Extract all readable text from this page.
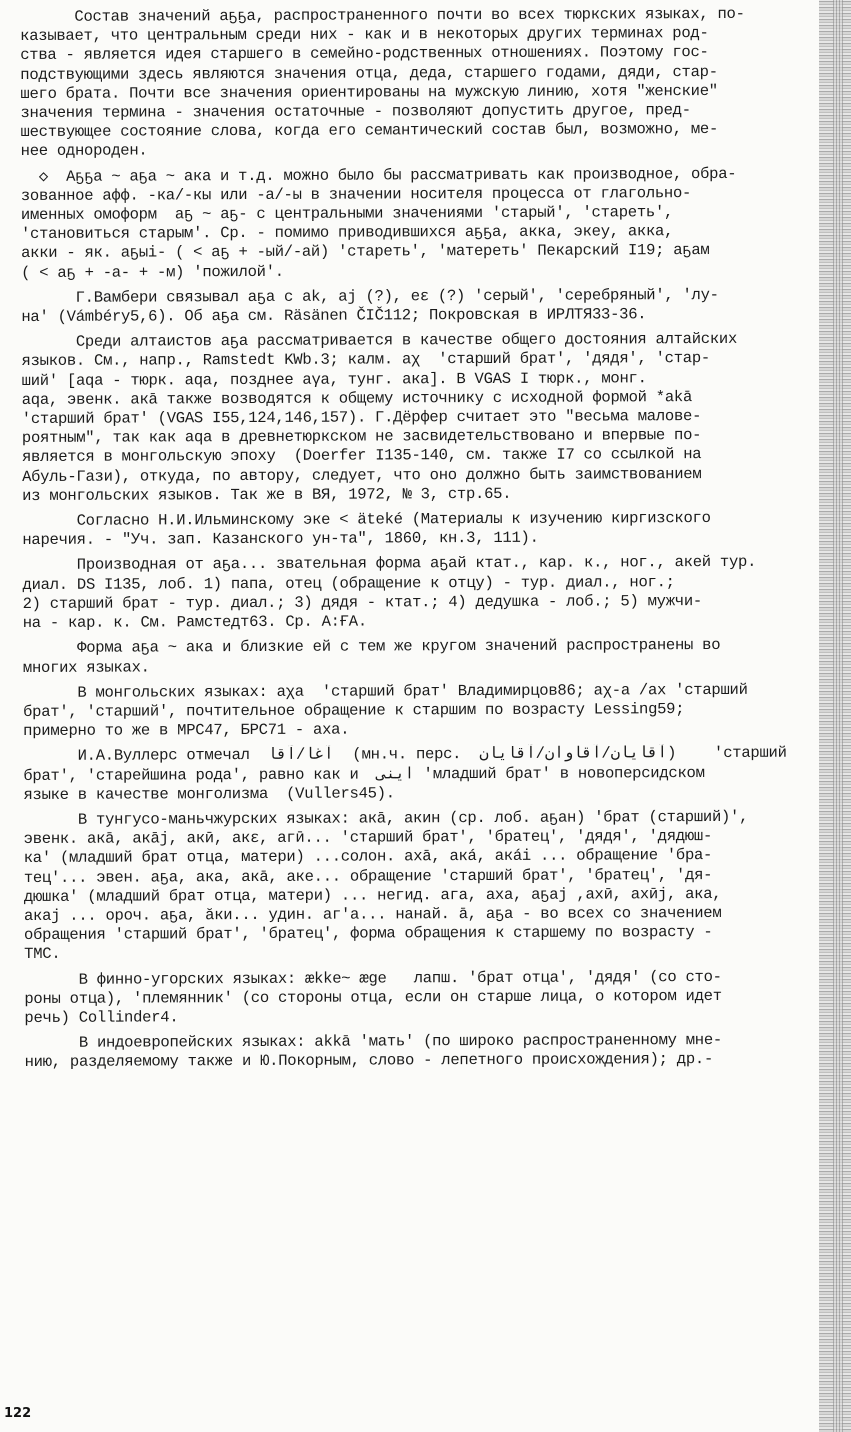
Состав значений аҕҕа, распространенного почти во всех тюркских языках, по-
казывает, что центральным среди них - как и в некоторых других терминах род-
ства - является идея старшего в семейно-родственных отношениях. Поэтому гос-
подствующими здесь являются значения отца, деда, старшего годами, дяди, стар-
шего брата. Почти все значения ориентированы на мужскую линию, хотя "женские"
значения термина - значения остаточные - позволяют допустить другое, пред-
шествующее состояние слова, когда его семантический состав был, возможно, ме-
нее однороден.
◇  Аҕҕа ~ аҕа ~ ака и т.д. можно было бы рассматривать как производное, обра-
зованное афф. -ка/-кы или -а/-ы в значении носителя процесса от глагольно-
именных омоформ  аҕ ~ аҕ- с центральными значениями 'старый', 'стареть',
'становиться старым'. Ср. - помимо приводившихся аҕҕа, акка, экеу, акка,
акки - як. аҕыі- ( < аҕ + -ый/-ай) 'стареть', 'матереть' Пекарский I19; аҕам
( < аҕ + -а- + -м) 'пожилой'.
Г.Вамбери связывал аҕа с ak, aj (?), eɛ (?) 'серый', 'серебряный', 'лу-
на' (Vámbéry5,6). Об аҕа см. Räsänen ČIČ112; Покровская в ИРЛТЯ33-36.
Среди алтаистов аҕа рассматривается в качестве общего достояния алтайских
языков. См., напр., Ramstedt KWb.3; калм. aχ  'старший брат', 'дядя', 'стар-
ший' [aqa - тюрк. aqa, позднее aγa, тунг. ака]. В VGAS I тюрк., монг.
aqa, эвенк. акā также возводятся к общему источнику с исходной формой *akā
'старший брат' (VGAS I55,124,146,157). Г.Дёрфер считает это "весьма малове-
роятным", так как aqa в древнетюркском не засвидетельствовано и впервые по-
является в монгольскую эпоху  (Doerfer I135-140, см. также I7 со ссылкой на
Абуль-Гази), откуда, по автору, следует, что оно должно быть заимствованием
из монгольских языков. Так же в ВЯ, 1972, № 3, стр.65.
Согласно Н.И.Ильминскому эке < äteké (Материалы к изучению киргизского
наречия. - "Уч. зап. Казанского ун-та", 1860, кн.3, 111).
Производная от аҕа... звательная форма аҕай ктат., кар. к., ног., акей тур.
диал. DS I135, лоб. 1) папа, отец (обращение к отцу) - тур. диал., ног.;
2) старший брат - тур. диал.; 3) дядя - ктат.; 4) дедушка - лоб.; 5) мужчи-
на - кар. к. См. Рамстедт63. Ср. А:ҒА.
Форма аҕа ~ ака и близкие ей с тем же кругом значений распространены во
многих языках.
В монгольских языках: aχa  'старший брат' Владимирцов86; aχ-a /ах 'старший
брат', 'старший', почтительное обращение к старшим по возрасту Lessing59;
примерно то же в МРС47, БРС71 - аха.
И.А.Вуллерс отмечал  آغا/آقا  (мн.ч. перс.  آقايان/آقاوان/آقايان)    'старший
брат', 'старейшина рода', равно как и  اينى 'младший брат' в новоперсидском
языке в качестве монголизма  (Vullers45).
В тунгусо-маньчжурских языках: акā, акин (ср. лоб. аҕан) 'брат (старший)',
эвенк. акā, акāj, акӣ, акɛ, агӣ... 'старший брат', 'братец', 'дядя', 'дядюш-
ка' (младший брат отца, матери) ...солон. ахā, акá, акái ... обращение 'бра-
тец'... эвен. аҕа, ака, акā, аке... обращение 'старший брат', 'братец', 'дя-
дюшка' (младший брат отца, матери) ... негид. ага, аха, аҕаj ,ахӣ, ахӣj, ака,
акаj ... ороч. аҕа, ӑки... удин. аг'а... нанай. ā, аҕа - во всех со значением
обращения 'старший брат', 'братец', форма обращения к старшему по возрасту -
ТМС.
В финно-угорских языках: ӕkke~ ӕge   лапш. 'брат отца', 'дядя' (со сто-
роны отца), 'племянник' (со стороны отца, если он старше лица, о котором идет
речь) Collinder4.
В индоевропейских языках: akkā 'мать' (по широко распространенному мне-
нию, разделяемому также и Ю.Покорным, слово - лепетного происхождения); др.-
122
